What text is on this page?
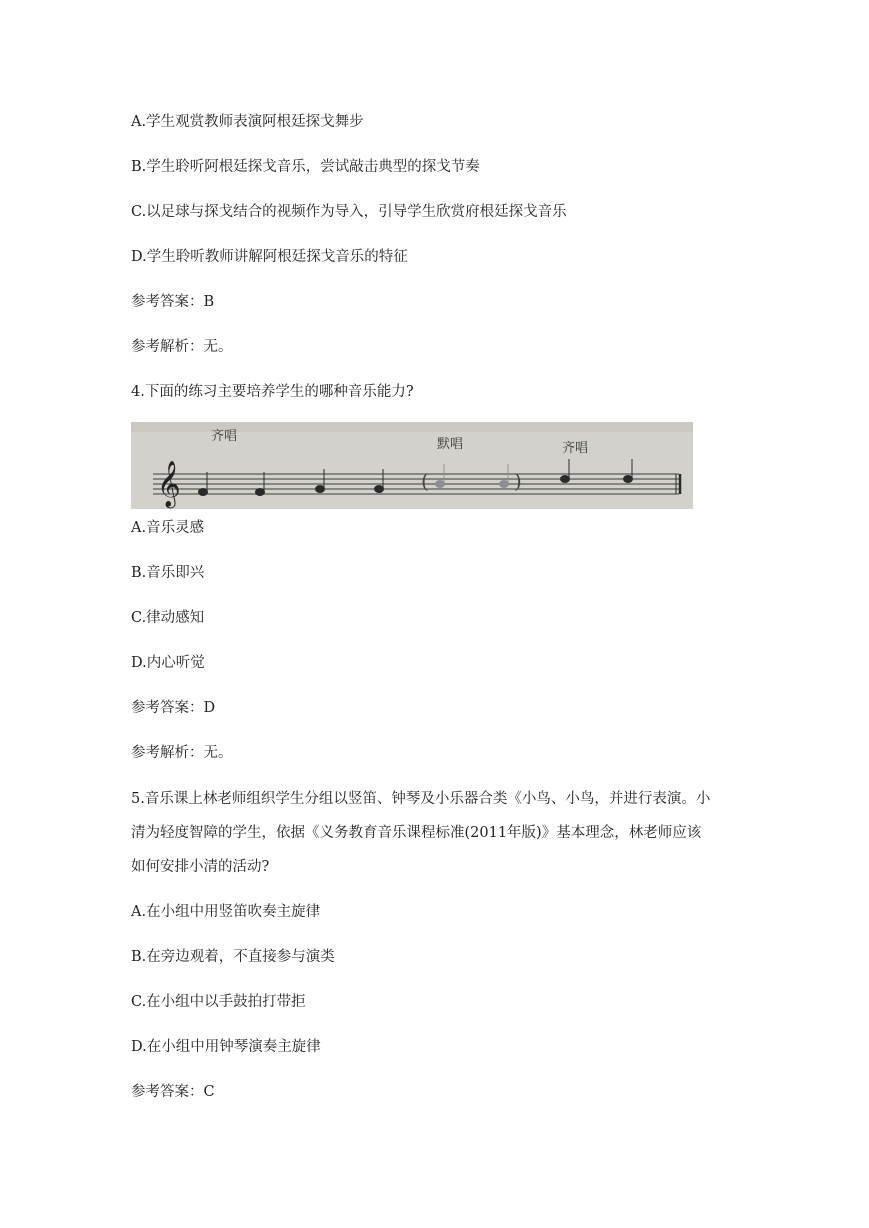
A.学生观赏教师表演阿根廷探戈舞步
B.学生聆听阿根廷探戈音乐，尝试敲击典型的探戈节奏
C.以足球与探戈结合的视频作为导入，引导学生欣赏府根廷探戈音乐
D.学生聆听教师讲解阿根廷探戈音乐的特征
参考答案：B
参考解析：无。
4.下面的练习主要培养学生的哪种音乐能力?
𝄞	(	)
齐唱
默唱	齐唱
A.音乐灵感
B.音乐即兴
C.律动感知
D.内心听觉
参考答案：D
参考解析：无。
5.音乐课上林老师组织学生分组以竖笛、钟琴及小乐器合类《小鸟、小鸟，并进行表演。小
清为轻度智障的学生，依据《义务教育音乐课程标准(2011年版)》基本理念，林老师应该
如何安排小清的活动?
A.在小组中用竖笛吹奏主旋律
B.在旁边观着，不直接参与演类
C.在小组中以手鼓拍打带拒
D.在小组中用钟琴演奏主旋律
参考答案：C
